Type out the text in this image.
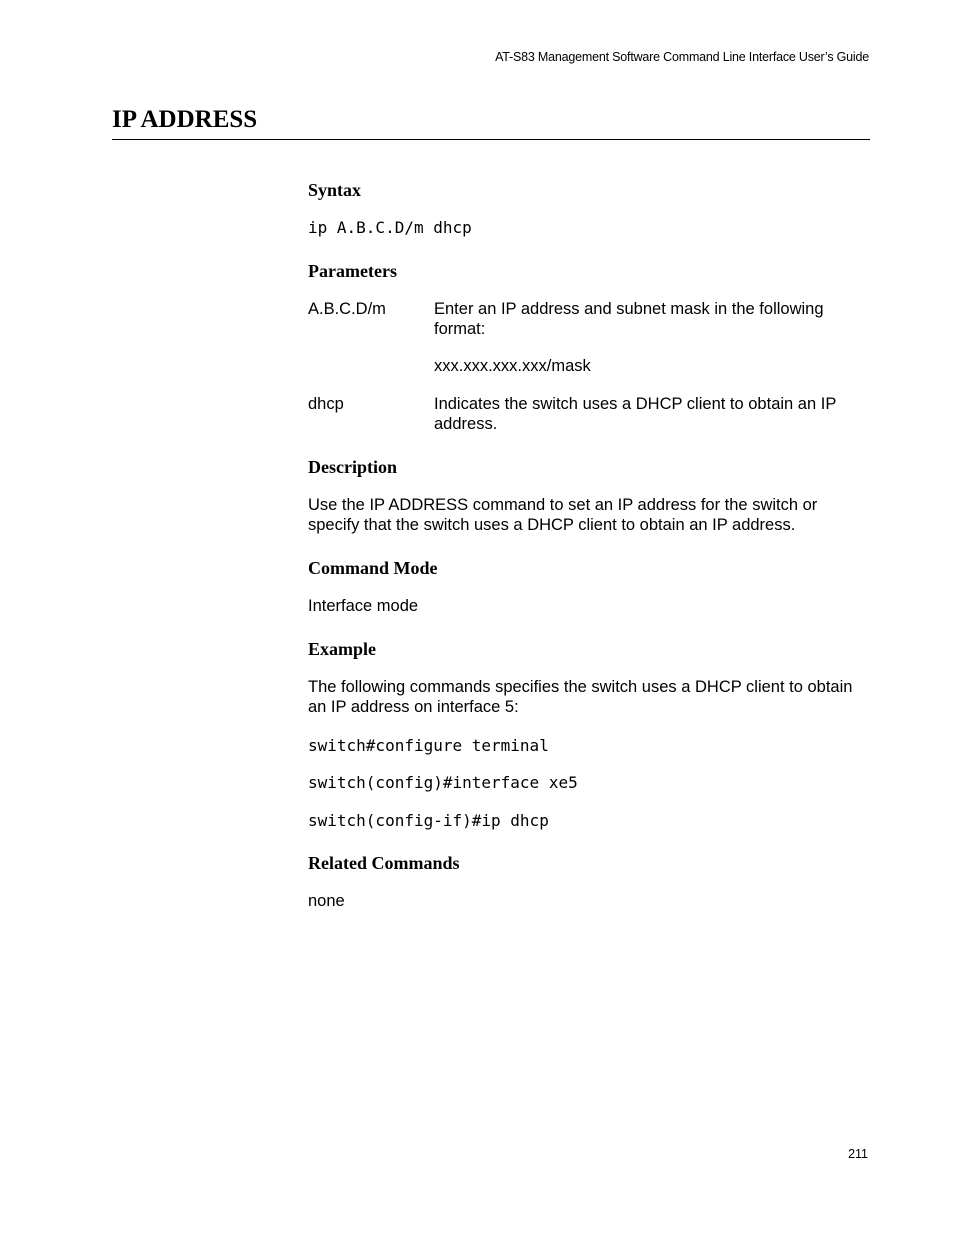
AT-S83 Management Software Command Line Interface User’s Guide
IP ADDRESS
Syntax
ip A.B.C.D/m dhcp
Parameters
A.B.C.D/m	Enter an IP address and subnet mask in the following format:
xxx.xxx.xxx.xxx/mask
dhcp	Indicates the switch uses a DHCP client to obtain an IP address.
Description
Use the IP ADDRESS command to set an IP address for the switch or specify that the switch uses a DHCP client to obtain an IP address.
Command Mode
Interface mode
Example
The following commands specifies the switch uses a DHCP client to obtain an IP address on interface 5:
switch#configure terminal
switch(config)#interface xe5
switch(config-if)#ip dhcp
Related Commands
none
211
